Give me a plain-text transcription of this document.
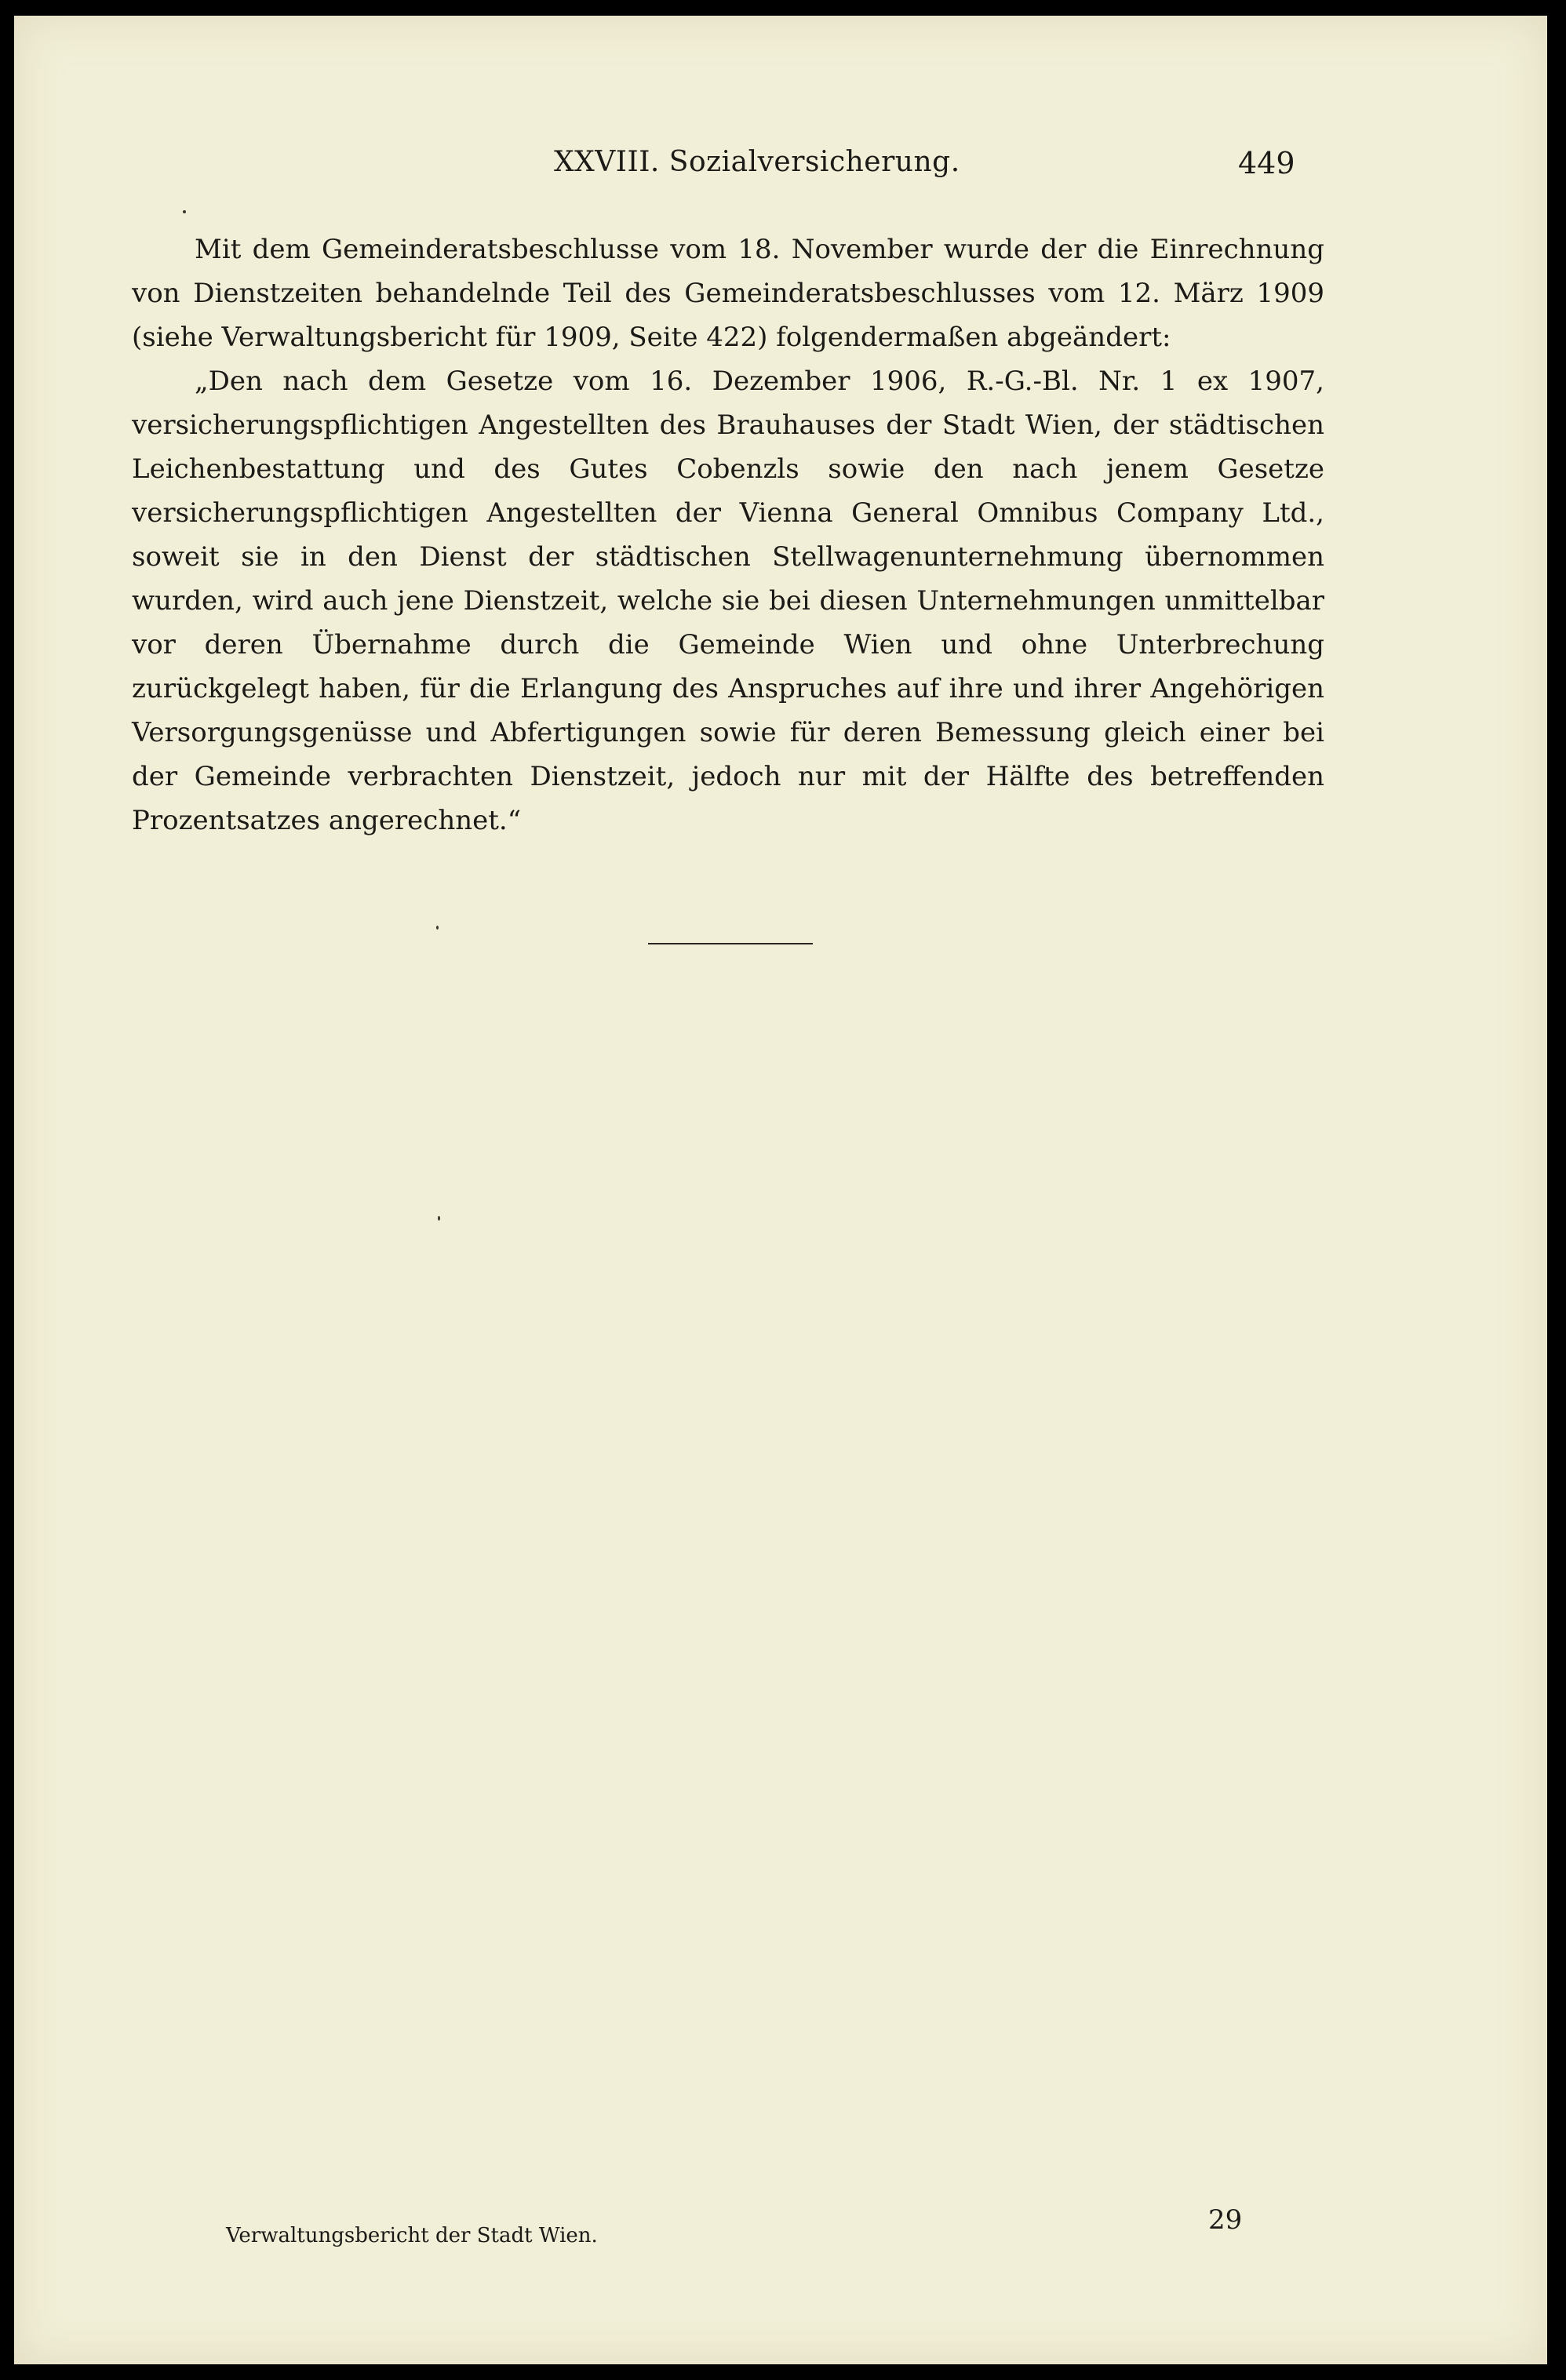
XXVIII. Sozialversicherung.	449

Mit dem Gemeinderatsbeschlusse vom 18. November wurde der die Einrechnung von Dienstzeiten behandelnde Teil des Gemeinderatsbeschlusses vom 12. März 1909 (siehe Verwaltungsbericht für 1909, Seite 422) folgendermaßen abgeändert:

„Den nach dem Gesetze vom 16. Dezember 1906, R.-G.-Bl. Nr. 1 ex 1907, versicherungspflichtigen Angestellten des Brauhauses der Stadt Wien, der städtischen Leichenbestattung und des Gutes Cobenzls sowie den nach jenem Gesetze versicherungspflichtigen Angestellten der Vienna General Omnibus Company Ltd., soweit sie in den Dienst der städtischen Stellwagenunternehmung übernommen wurden, wird auch jene Dienstzeit, welche sie bei diesen Unternehmungen unmittelbar vor deren Übernahme durch die Gemeinde Wien und ohne Unterbrechung zurückgelegt haben, für die Erlangung des Anspruches auf ihre und ihrer Angehörigen Versorgungsgenüsse und Abfertigungen sowie für deren Bemessung gleich einer bei der Gemeinde verbrachten Dienstzeit, jedoch nur mit der Hälfte des betreffenden Prozentsatzes angerechnet.“

Verwaltungsbericht der Stadt Wien.	29
